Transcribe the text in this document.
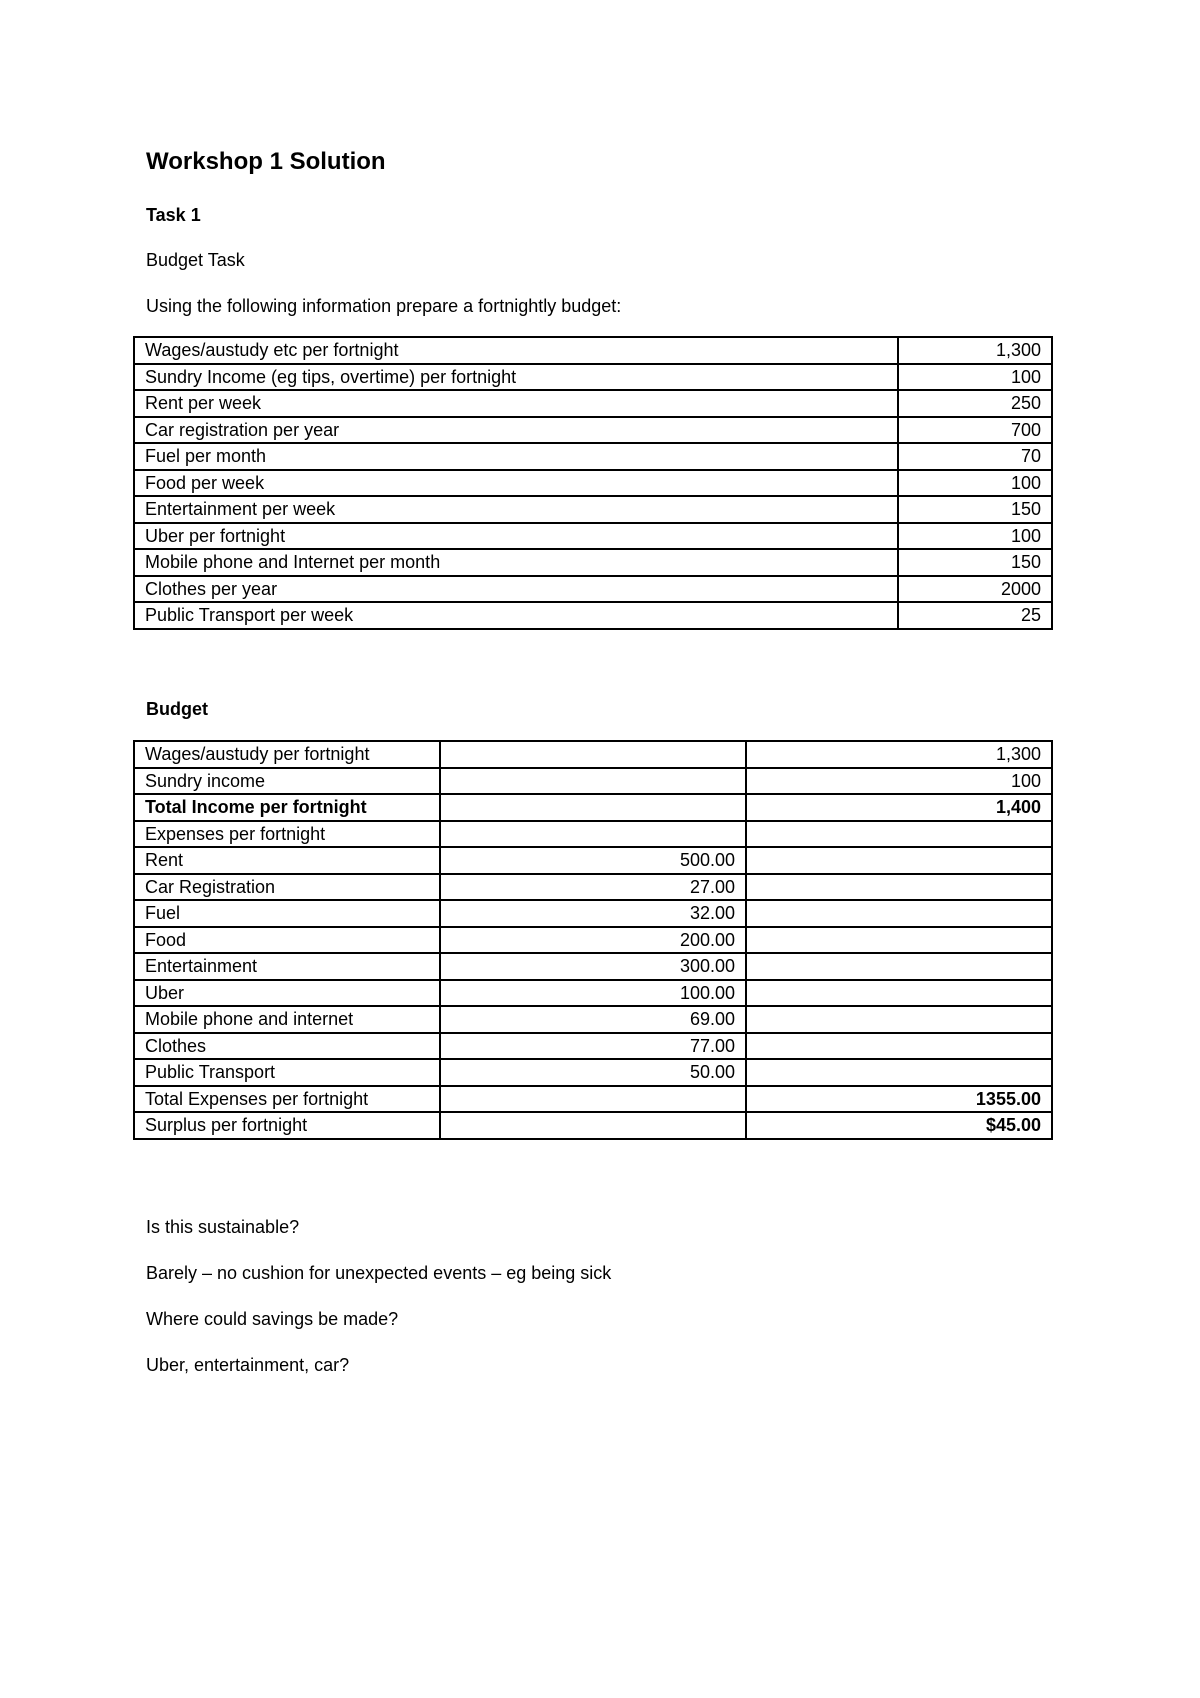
Workshop 1 Solution

Task 1

Budget Task

Using the following information prepare a fortnightly budget:

Wages/austudy etc per fortnight	1,300
Sundry Income (eg tips, overtime) per fortnight	100
Rent per week	250
Car registration per year	700
Fuel per month	70
Food per week	100
Entertainment per week	150
Uber per fortnight	100
Mobile phone and Internet per month	150
Clothes per year	2000
Public Transport per week	25

Budget

Wages/austudy per fortnight		1,300
Sundry income		100
Total Income per fortnight		1,400
Expenses per fortnight		
Rent	500.00	
Car Registration	27.00	
Fuel	32.00	
Food	200.00	
Entertainment	300.00	
Uber	100.00	
Mobile phone and internet	69.00	
Clothes	77.00	
Public Transport	50.00	
Total Expenses per fortnight		1355.00
Surplus per fortnight		$45.00

Is this sustainable?

Barely – no cushion for unexpected events – eg being sick

Where could savings be made?

Uber, entertainment, car?
